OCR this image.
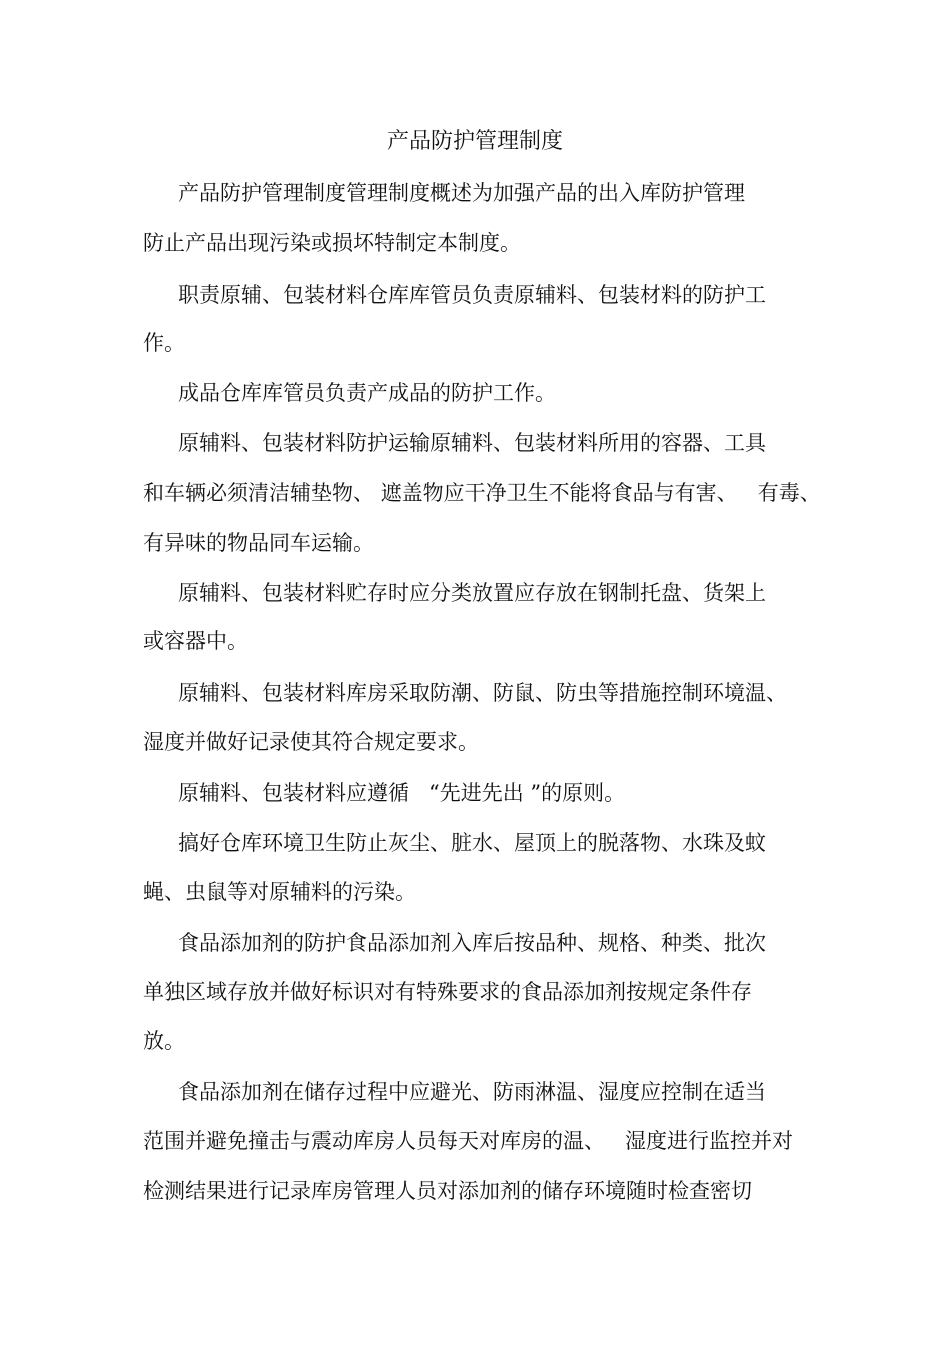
产品防护管理制度

产品防护管理制度管理制度概述为加强产品的出入库防护管理

防止产品出现污染或损坏特制定本制度。

职责原辅、包装材料仓库库管员负责原辅料、包装材料的防护工

作。

成品仓库库管员负责产成品的防护工作。

原辅料、包装材料防护运输原辅料、包装材料所用的容器、工具

和车辆必须清洁辅垫物、 遮盖物应干净卫生不能将食品与有害、   有毒、

有异味的物品同车运输。

原辅料、包装材料贮存时应分类放置应存放在钢制托盘、货架上

或容器中。

原辅料、包装材料库房采取防潮、防鼠、防虫等措施控制环境温、

湿度并做好记录使其符合规定要求。

原辅料、包装材料应遵循   “先进先出 ”的原则。

搞好仓库环境卫生防止灰尘、脏水、屋顶上的脱落物、水珠及蚊

蝇、虫鼠等对原辅料的污染。

食品添加剂的防护食品添加剂入库后按品种、规格、种类、批次

单独区域存放并做好标识对有特殊要求的食品添加剂按规定条件存

放。

食品添加剂在储存过程中应避光、防雨淋温、湿度应控制在适当

范围并避免撞击与震动库房人员每天对库房的温、   湿度进行监控并对

检测结果进行记录库房管理人员对添加剂的储存环境随时检查密切
